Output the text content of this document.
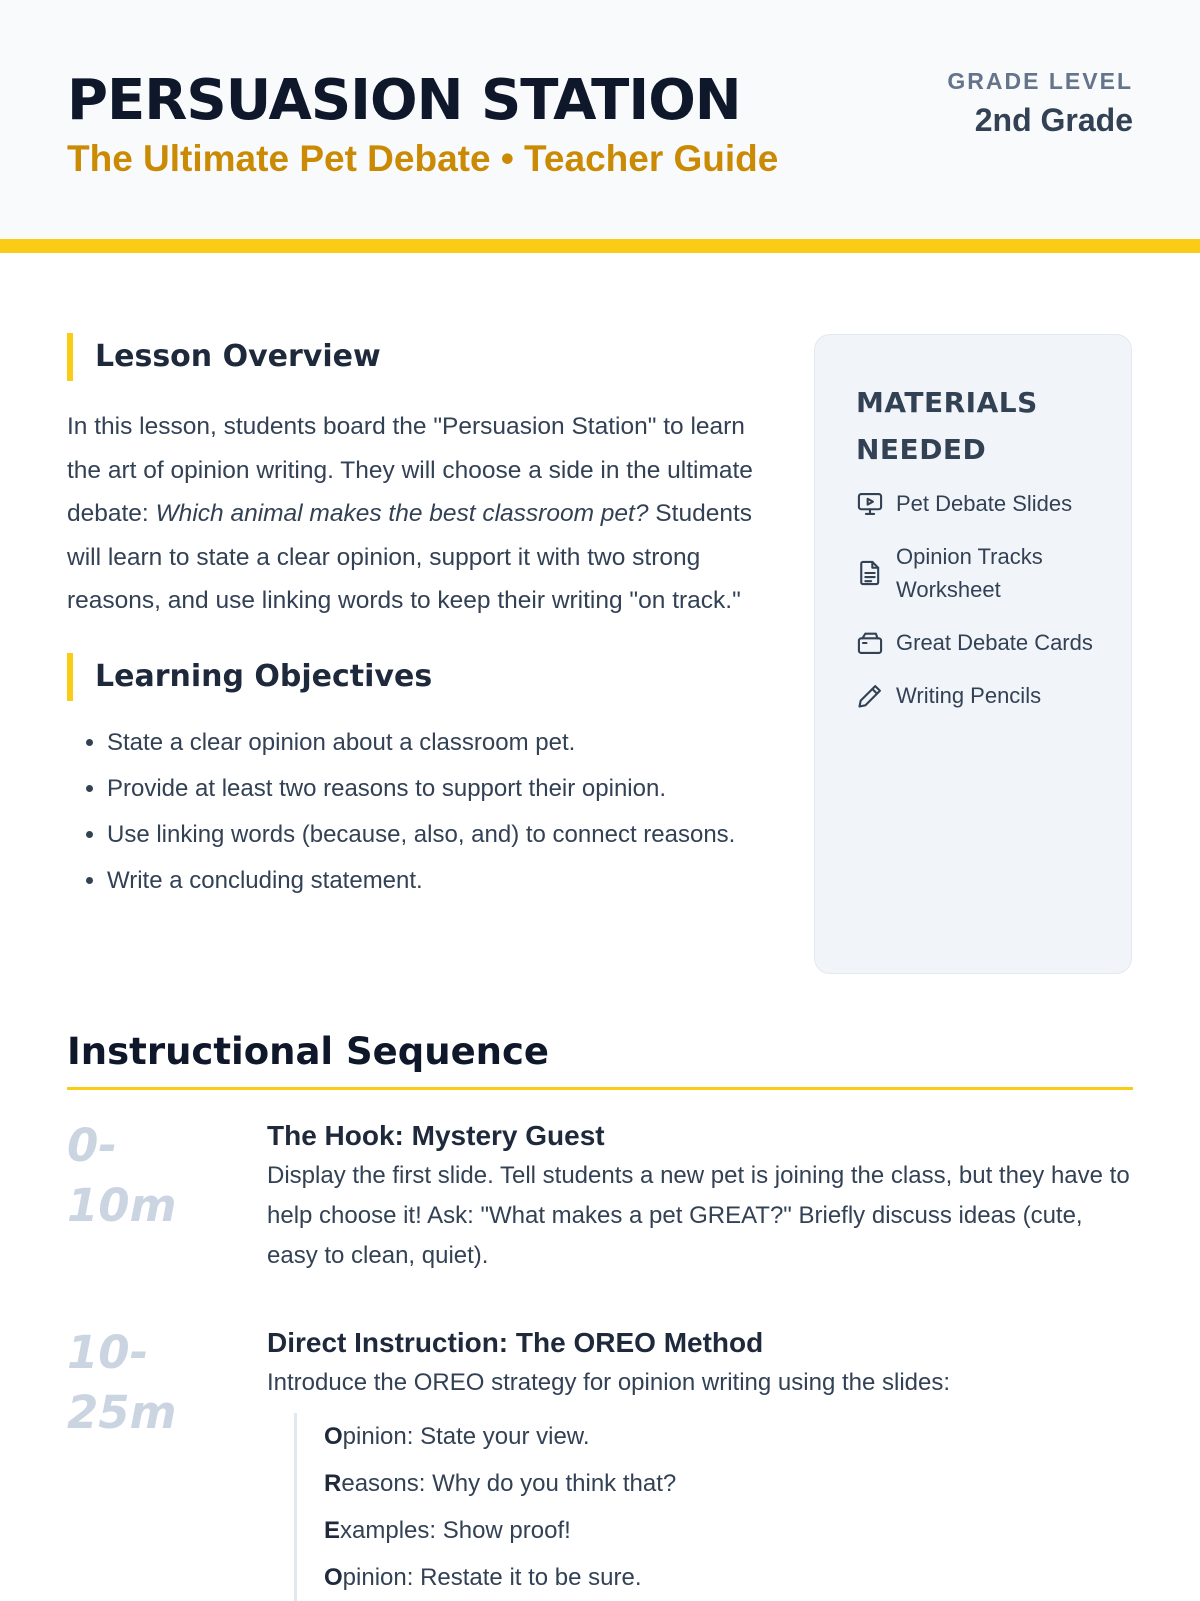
PERSUASION STATION
The Ultimate Pet Debate • Teacher Guide
GRADE LEVEL
2nd Grade
Lesson Overview

In this lesson, students board the "Persuasion Station" to learn the art of opinion writing. They will choose a side in the ultimate debate: Which animal makes the best classroom pet? Students will learn to state a clear opinion, support it with two strong reasons, and use linking words to keep their writing "on track."

Learning Objectives
• State a clear opinion about a classroom pet.
• Provide at least two reasons to support their opinion.
• Use linking words (because, also, and) to connect reasons.
• Write a concluding statement.
MATERIALS NEEDED
Pet Debate Slides
Opinion Tracks Worksheet
Great Debate Cards
Writing Pencils
Instructional Sequence
0-
10m
The Hook: Mystery Guest
Display the first slide. Tell students a new pet is joining the class, but they have to help choose it! Ask: "What makes a pet GREAT?" Briefly discuss ideas (cute, easy to clean, quiet).
10-
25m
Direct Instruction: The OREO Method
Introduce the OREO strategy for opinion writing using the slides:
Opinion: State your view.
Reasons: Why do you think that?
Examples: Show proof!
Opinion: Restate it to be sure.
